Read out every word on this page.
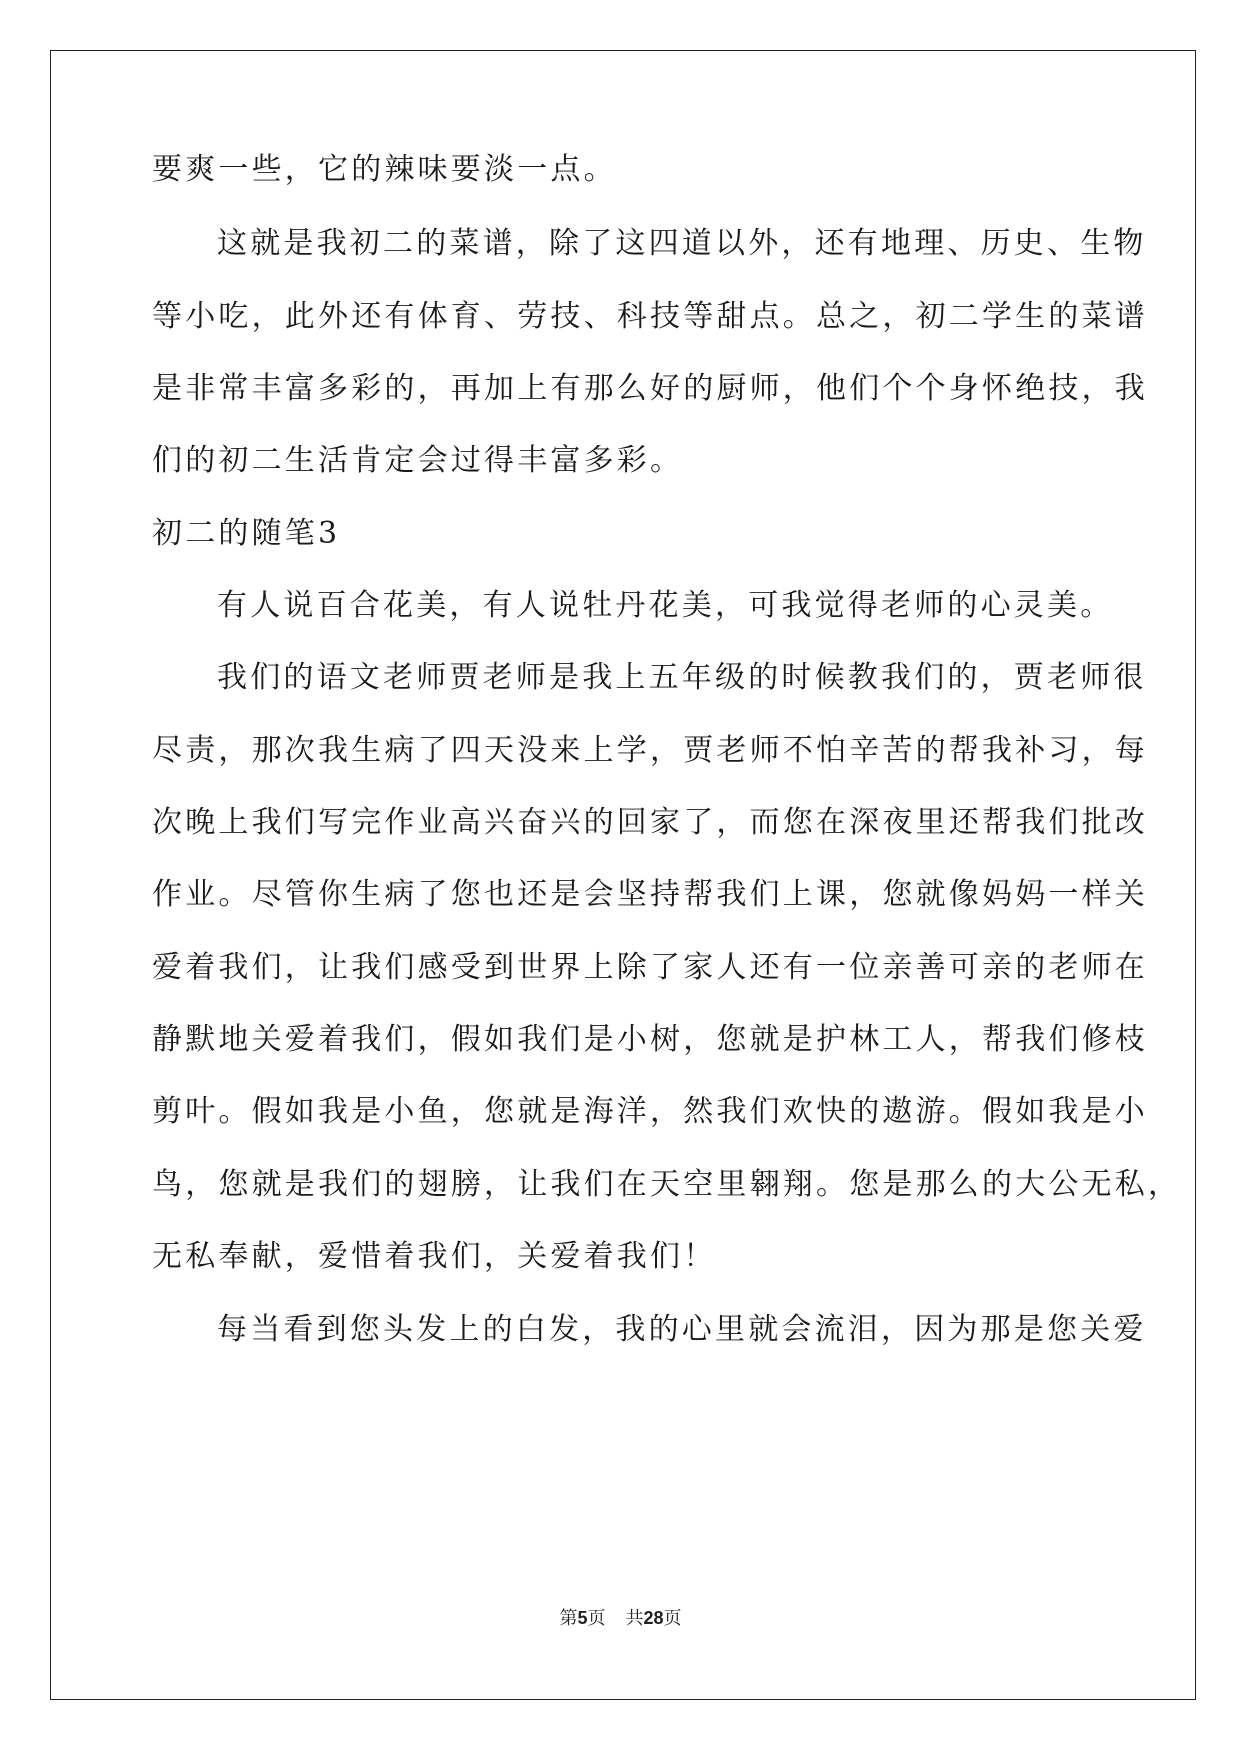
要爽一些，它的辣味要淡一点。
这就是我初二的菜谱，除了这四道以外，还有地理、历史、生物
等小吃，此外还有体育、劳技、科技等甜点。总之，初二学生的菜谱
是非常丰富多彩的，再加上有那么好的厨师，他们个个身怀绝技，我
们的初二生活肯定会过得丰富多彩。
初二的随笔3
有人说百合花美，有人说牡丹花美，可我觉得老师的心灵美。
我们的语文老师贾老师是我上五年级的时候教我们的，贾老师很
尽责，那次我生病了四天没来上学，贾老师不怕辛苦的帮我补习，每
次晚上我们写完作业高兴奋兴的回家了，而您在深夜里还帮我们批改
作业。尽管你生病了您也还是会坚持帮我们上课，您就像妈妈一样关
爱着我们，让我们感受到世界上除了家人还有一位亲善可亲的老师在
静默地关爱着我们，假如我们是小树，您就是护林工人，帮我们修枝
剪叶。假如我是小鱼，您就是海洋，然我们欢快的遨游。假如我是小
鸟，您就是我们的翅膀，让我们在天空里翱翔。您是那么的大公无私，
无私奉献，爱惜着我们，关爱着我们！
每当看到您头发上的白发，我的心里就会流泪，因为那是您关爱
第5页 共28页
